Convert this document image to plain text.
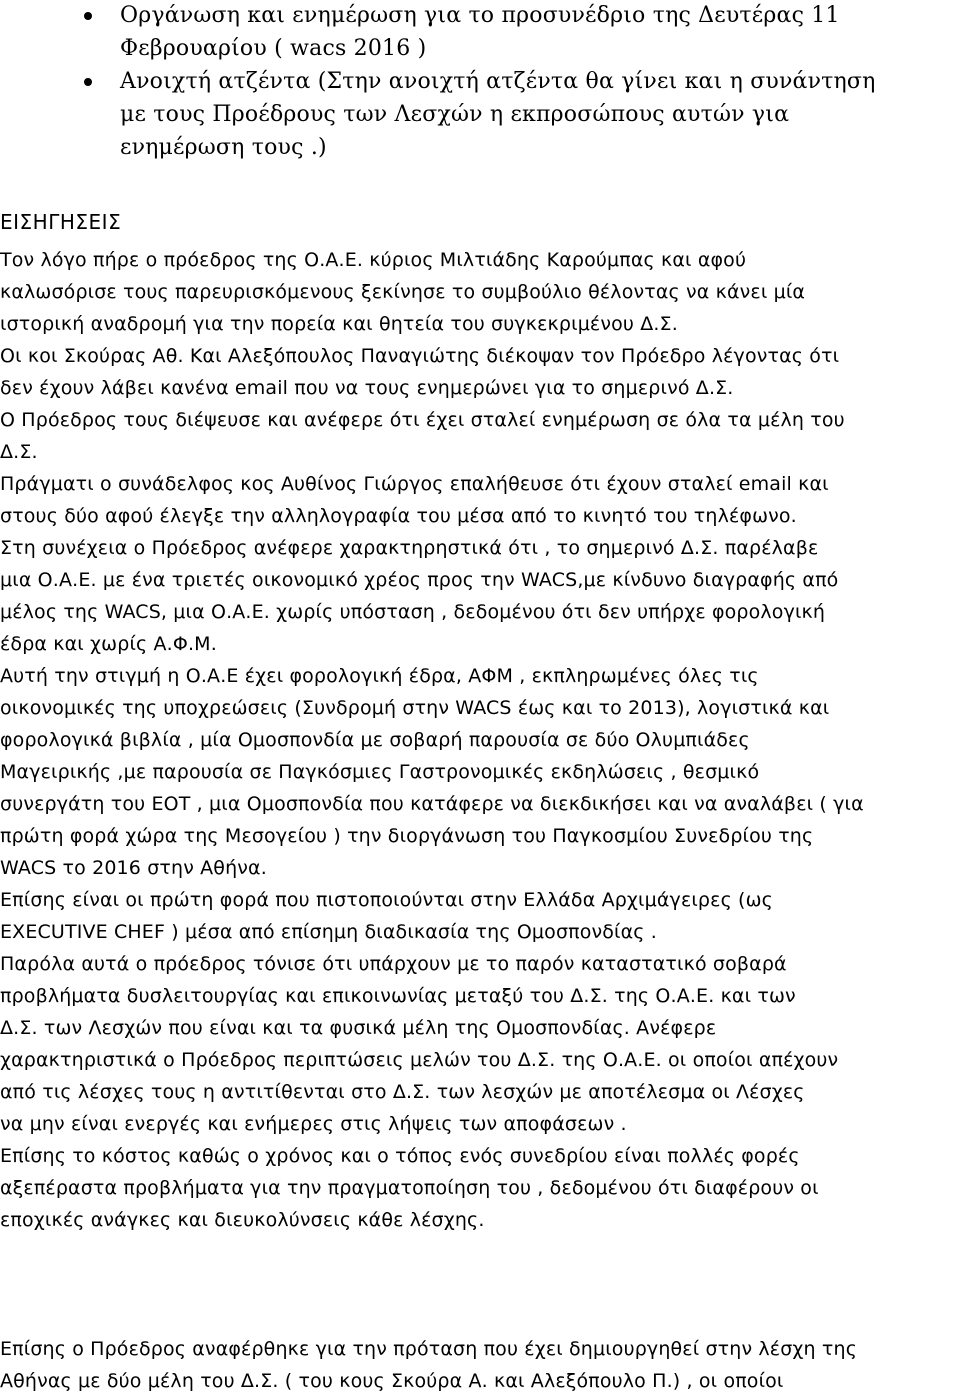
Οργάνωση και ενημέρωση για το προσυνέδριο της Δευτέρας 11
Φεβρουαρίου ( wacs 2016 )
Ανοιχτή ατζέντα (Στην ανοιχτή ατζέντα θα γίνει και η συνάντηση
με τους Προέδρους των Λεσχών η εκπροσώπους αυτών για
ενημέρωση τους .)
ΕΙΣΗΓΗΣΕΙΣ
Τον λόγο πήρε ο πρόεδρος της Ο.Α.Ε. κύριος Μιλτιάδης Καρούμπας και αφού
καλωσόρισε τους παρευρισκόμενους ξεκίνησε το συμβούλιο θέλοντας να κάνει μία
ιστορική αναδρομή για την πορεία και θητεία του συγκεκριμένου Δ.Σ.
Οι κοι Σκούρας Αθ. Και Αλεξόπουλος Παναγιώτης διέκοψαν τον Πρόεδρο λέγοντας ότι
δεν έχουν λάβει κανένα email που να τους ενημερώνει για το σημερινό Δ.Σ.
Ο Πρόεδρος τους διέψευσε και ανέφερε ότι έχει σταλεί ενημέρωση σε όλα τα μέλη του
Δ.Σ.
Πράγματι ο συνάδελφος κος Αυθίνος Γιώργος επαλήθευσε ότι έχουν σταλεί email και
στους δύο αφού έλεγξε την αλληλογραφία του μέσα από το κινητό του τηλέφωνο.
Στη συνέχεια ο Πρόεδρος ανέφερε χαρακτηρηστικά ότι , το σημερινό Δ.Σ. παρέλαβε
μια Ο.Α.Ε. με ένα τριετές οικονομικό χρέος προς την WACS,με κίνδυνο διαγραφής από
μέλος της WACS, μια Ο.Α.Ε. χωρίς υπόσταση , δεδομένου ότι δεν υπήρχε φορολογική
έδρα και χωρίς Α.Φ.Μ.
Αυτή την στιγμή η Ο.Α.Ε έχει φορολογική έδρα, ΑΦΜ , εκπληρωμένες όλες τις
οικονομικές της υποχρεώσεις (Συνδρομή στην WACS έως και το 2013), λογιστικά και
φορολογικά βιβλία , μία Ομοσπονδία με σοβαρή παρουσία σε δύο Ολυμπιάδες
Μαγειρικής ,με παρουσία σε Παγκόσμιες Γαστρονομικές εκδηλώσεις , θεσμικό
συνεργάτη του ΕΟΤ , μια Ομοσπονδία που κατάφερε να διεκδικήσει και να αναλάβει ( για
πρώτη φορά χώρα της Μεσογείου ) την διοργάνωση του Παγκοσμίου Συνεδρίου της
WACS το 2016 στην Αθήνα.
Επίσης είναι οι πρώτη φορά που πιστοποιούνται στην Ελλάδα Αρχιμάγειρες (ως
EXECUTIVE CHEF ) μέσα από επίσημη διαδικασία της Ομοσπονδίας .
Παρόλα αυτά ο πρόεδρος τόνισε ότι υπάρχουν με το παρόν καταστατικό σοβαρά
προβλήματα δυσλειτουργίας και επικοινωνίας μεταξύ του Δ.Σ. της Ο.Α.Ε. και των
Δ.Σ. των Λεσχών που είναι και τα φυσικά μέλη της Ομοσπονδίας. Ανέφερε
χαρακτηριστικά ο Πρόεδρος περιπτώσεις μελών του Δ.Σ. της Ο.Α.Ε. οι οποίοι απέχουν
από τις λέσχες τους η αντιτίθενται στο Δ.Σ. των λεσχών με αποτέλεσμα οι Λέσχες
να μην είναι ενεργές και ενήμερες στις λήψεις των αποφάσεων .
Επίσης το κόστος καθώς ο χρόνος και ο τόπος ενός συνεδρίου είναι πολλές φορές
αξεπέραστα προβλήματα για την πραγματοποίηση του , δεδομένου ότι διαφέρουν οι
εποχικές ανάγκες και διευκολύνσεις κάθε λέσχης.
Επίσης ο Πρόεδρος αναφέρθηκε για την πρόταση που έχει δημιουργηθεί στην λέσχη της
Αθήνας με δύο μέλη του Δ.Σ. ( του κους Σκούρα Α. και Αλεξόπουλο Π.) , οι οποίοι
